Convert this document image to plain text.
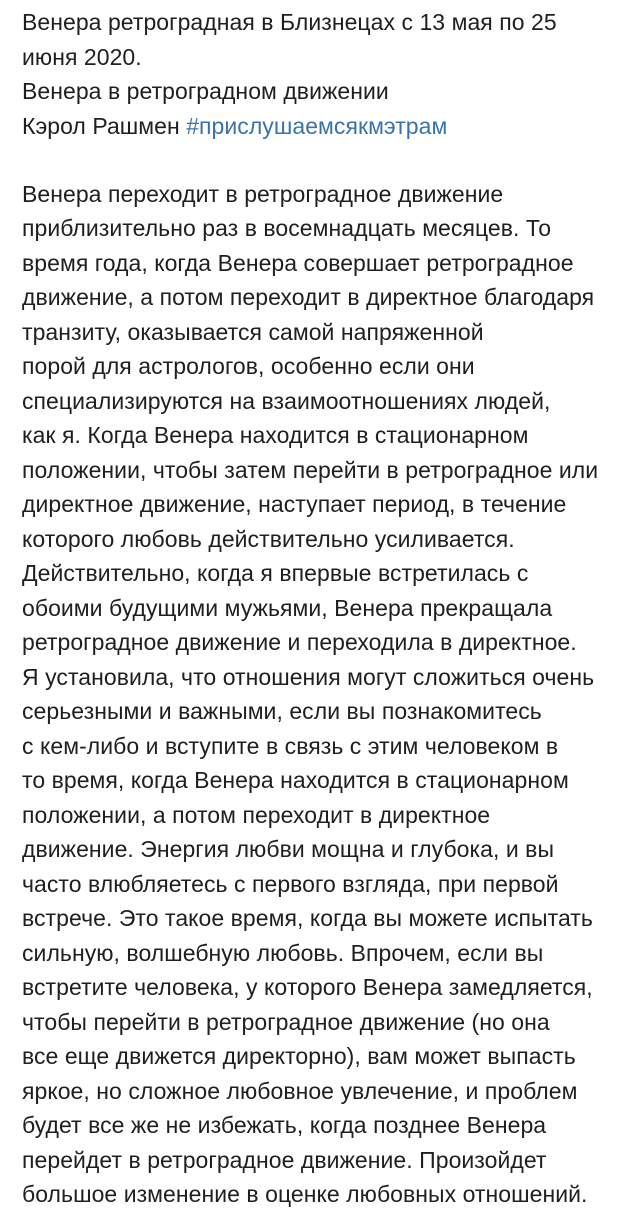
Венера ретроградная в Близнецах с 13 мая по 25
июня 2020.
Венера в ретроградном движении
Кэрол Рашмен #прислушаемсякмэтрам
Венера переходит в ретроградное движение
приблизительно раз в восемнадцать месяцев. То
время года, когда Венера совершает ретроградное
движение, а потом переходит в директное благодаря
транзиту, оказывается самой напряженной
порой для астрологов, особенно если они
специализируются на взаимоотношениях людей,
как я. Когда Венера находится в стационарном
положении, чтобы затем перейти в ретроградное или
директное движение, наступает период, в течение
которого любовь действительно усиливается.
Действительно, когда я впервые встретилась с
обоими будущими мужьями, Венера прекращала
ретроградное движение и переходила в директное.
Я установила, что отношения могут сложиться очень
серьезными и важными, если вы познакомитесь
с кем-либо и вступите в связь с этим человеком в
то время, когда Венера находится в стационарном
положении, а потом переходит в директное
движение. Энергия любви мощна и глубока, и вы
часто влюбляетесь с первого взгляда, при первой
встрече. Это такое время, когда вы можете испытать
сильную, волшебную любовь. Впрочем, если вы
встретите человека, у которого Венера замедляется,
чтобы перейти в ретроградное движение (но она
все еще движется директорно), вам может выпасть
яркое, но сложное любовное увлечение, и проблем
будет все же не избежать, когда позднее Венера
перейдет в ретроградное движение. Произойдет
большое изменение в оценке любовных отношений.
